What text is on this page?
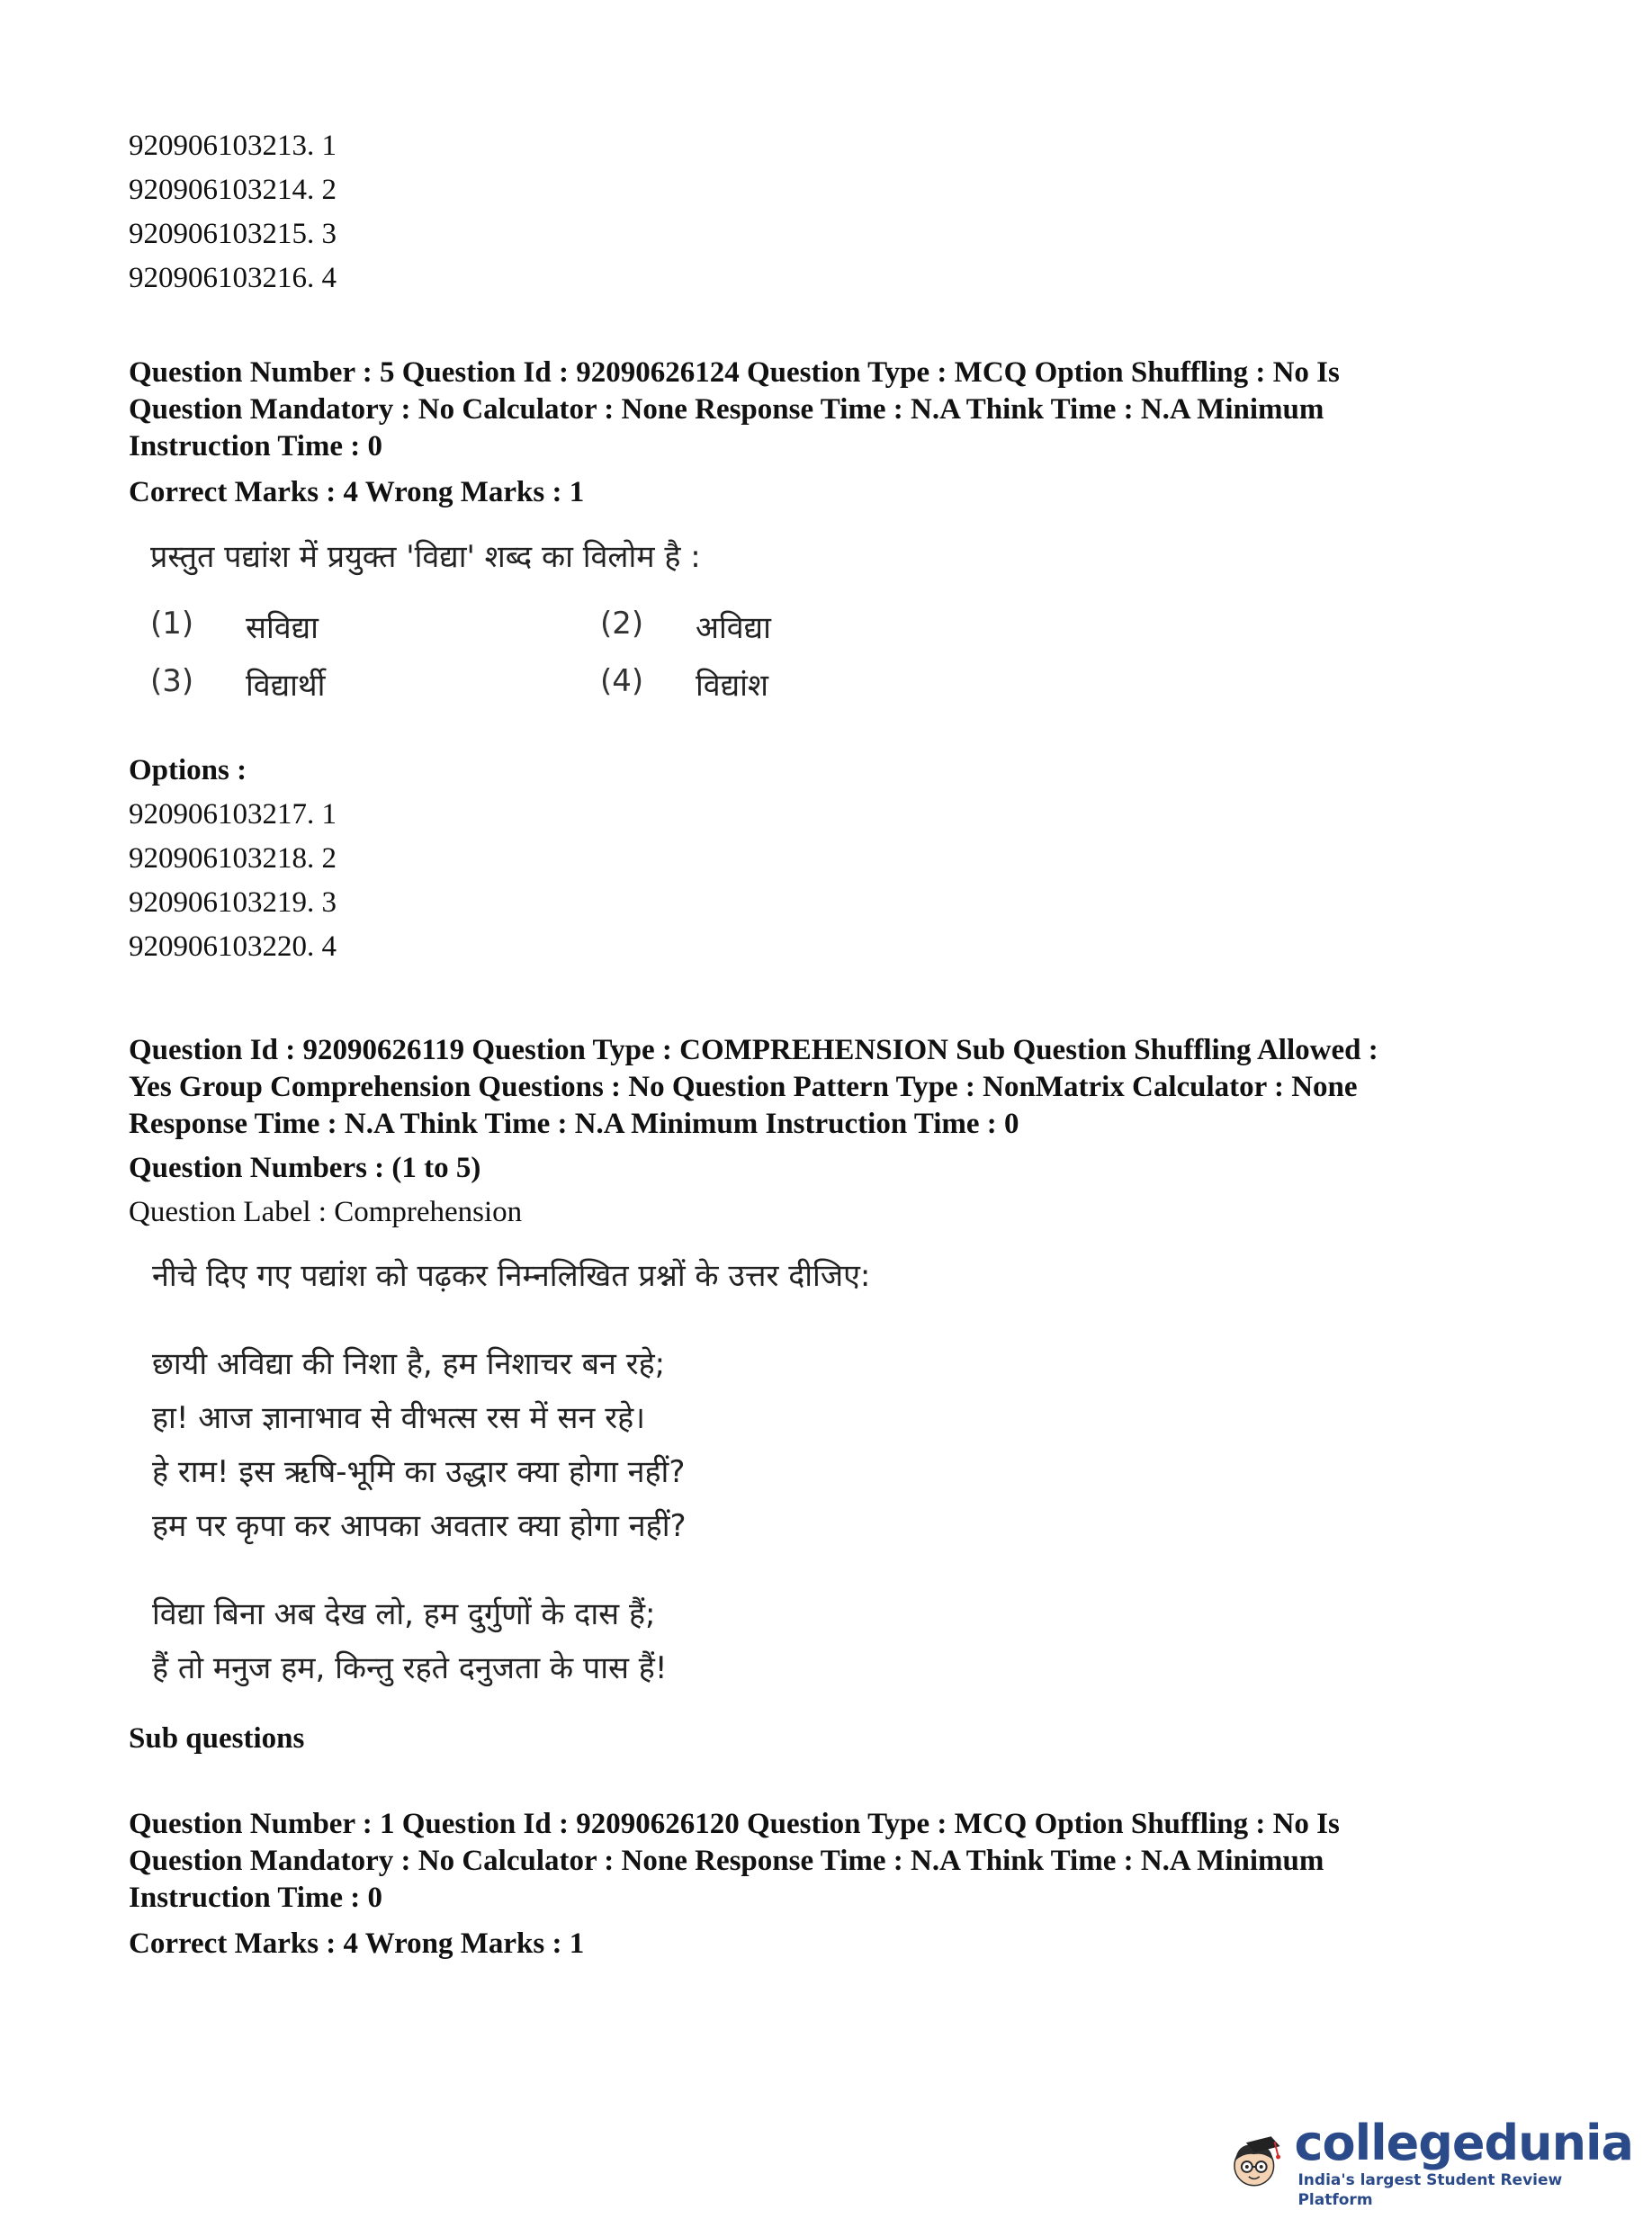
920906103213. 1
920906103214. 2
920906103215. 3
920906103216. 4
Question Number : 5 Question Id : 92090626124 Question Type : MCQ Option Shuffling : No Is
Question Mandatory : No Calculator : None Response Time : N.A Think Time : N.A Minimum
Instruction Time : 0
Correct Marks : 4 Wrong Marks : 1
प्रस्तुत पद्यांश में प्रयुक्त 'विद्या' शब्द का विलोम है :
(1)	सविद्या	(2)	अविद्या
(3)	विद्यार्थी	(4)	विद्यांश
Options :
920906103217. 1
920906103218. 2
920906103219. 3
920906103220. 4
Question Id : 92090626119 Question Type : COMPREHENSION Sub Question Shuffling Allowed :
Yes Group Comprehension Questions : No Question Pattern Type : NonMatrix Calculator : None
Response Time : N.A Think Time : N.A Minimum Instruction Time : 0
Question Numbers : (1 to 5)
Question Label : Comprehension
नीचे दिए गए पद्यांश को पढ़कर निम्नलिखित प्रश्नों के उत्तर दीजिए:
छायी अविद्या की निशा है, हम निशाचर बन रहे;
हा! आज ज्ञानाभाव से वीभत्स रस में सन रहे।
हे राम! इस ऋषि-भूमि का उद्धार क्या होगा नहीं?
हम पर कृपा कर आपका अवतार क्या होगा नहीं?
विद्या बिना अब देख लो, हम दुर्गुणों के दास हैं;
हैं तो मनुज हम, किन्तु रहते दनुजता के पास हैं!
Sub questions
Question Number : 1 Question Id : 92090626120 Question Type : MCQ Option Shuffling : No Is
Question Mandatory : No Calculator : None Response Time : N.A Think Time : N.A Minimum
Instruction Time : 0
Correct Marks : 4 Wrong Marks : 1
collegedunia
India's largest Student Review Platform
